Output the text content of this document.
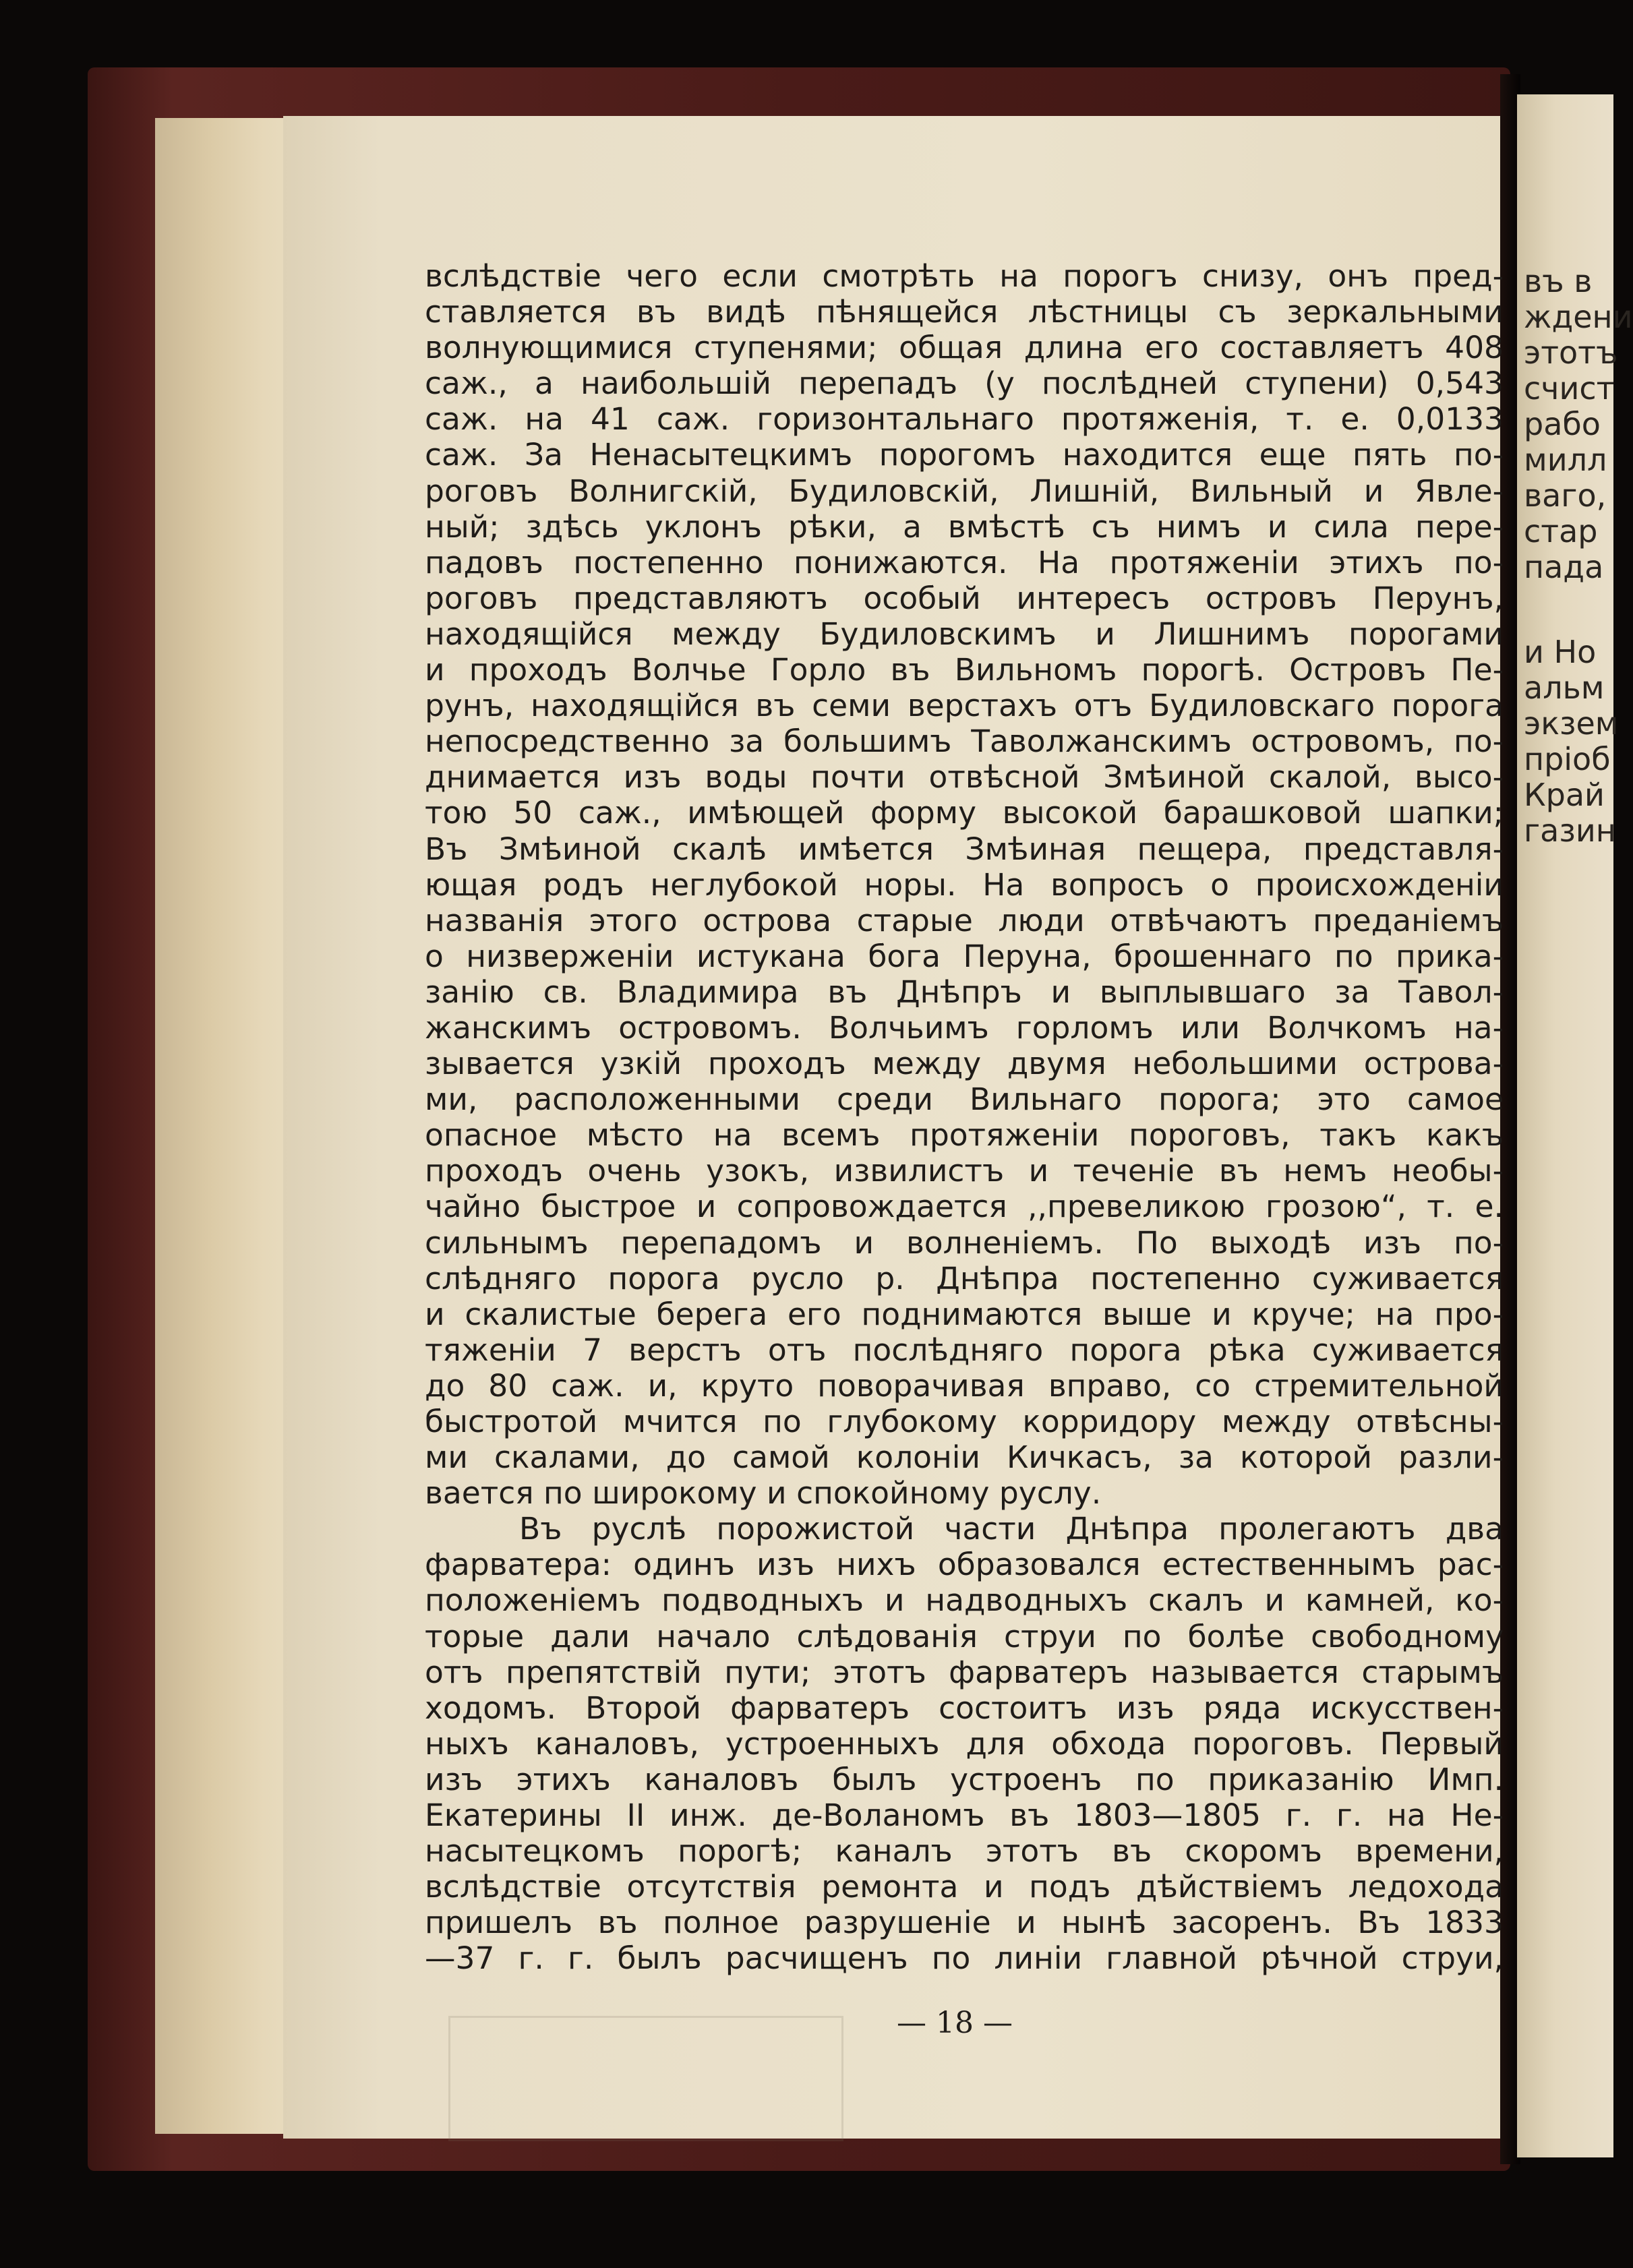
въ в
ждени
этотъ
счист
рабо
милл
ваго,
стар
пада
и Но
альм
экзем
пріоб
Край
газин
вслѣдствіе чего если смотрѣть на порогъ снизу, онъ пред-
ставляется въ видѣ пѣнящейся лѣстницы съ зеркальными
волнующимися ступенями; общая длина его составляетъ 408
саж., а наибольшій перепадъ (у послѣдней ступени) 0,543
саж. на 41 саж. горизонтальнаго протяженія, т. е. 0,0133
саж. За Ненасытецкимъ порогомъ находится еще пять по-
роговъ Волнигскій, Будиловскій, Лишній, Вильный и Явле-
ный; здѣсь уклонъ рѣки, а вмѣстѣ съ нимъ и сила пере-
падовъ постепенно понижаются. На протяженіи этихъ по-
роговъ представляютъ особый интересъ островъ Перунъ,
находящійся между Будиловскимъ и Лишнимъ порогами
и проходъ Волчье Горло въ Вильномъ порогѣ. Островъ Пе-
рунъ, находящійся въ семи верстахъ отъ Будиловскаго порога
непосредственно за большимъ Таволжанскимъ островомъ, по-
днимается изъ воды почти отвѣсной Змѣиной скалой, высо-
тою 50 саж., имѣющей форму высокой барашковой шапки;
Въ Змѣиной скалѣ имѣется Змѣиная пещера, представля-
ющая родъ неглубокой норы. На вопросъ о происхожденіи
названія этого острова старые люди отвѣчаютъ преданіемъ
о низверженіи истукана бога Перуна, брошеннаго по прика-
занію св. Владимира въ Днѣпръ и выплывшаго за Тавол-
жанскимъ островомъ. Волчьимъ горломъ или Волчкомъ на-
зывается узкій проходъ между двумя небольшими острова-
ми, расположенными среди Вильнаго порога; это самое
опасное мѣсто на всемъ протяженіи пороговъ, такъ какъ
проходъ очень узокъ, извилистъ и теченіе въ немъ необы-
чайно быстрое и сопровождается ,,превеликою грозою“, т. е.
сильнымъ перепадомъ и волненіемъ. По выходѣ изъ по-
слѣдняго порога русло р. Днѣпра постепенно суживается
и скалистые берега его поднимаются выше и круче; на про-
тяженіи 7 верстъ отъ послѣдняго порога рѣка суживается
до 80 саж. и, круто поворачивая вправо, со стремительной
быстротой мчится по глубокому корридору между отвѣсны-
ми скалами, до самой колоніи Кичкасъ, за которой разли-
вается по широкому и спокойному руслу.
Въ руслѣ порожистой части Днѣпра пролегаютъ два
фарватера: одинъ изъ нихъ образовался естественнымъ рас-
положеніемъ подводныхъ и надводныхъ скалъ и камней, ко-
торые дали начало слѣдованія струи по болѣе свободному
отъ препятствій пути; этотъ фарватеръ называется старымъ
ходомъ. Второй фарватеръ состоитъ изъ ряда искусствен-
ныхъ каналовъ, устроенныхъ для обхода пороговъ. Первый
изъ этихъ каналовъ былъ устроенъ по приказанію Имп.
Екатерины II инж. де-Воланомъ въ 1803—1805 г. г. на Не-
насытецкомъ порогѣ; каналъ этотъ въ скоромъ времени,
вслѣдствіе отсутствія ремонта и подъ дѣйствіемъ ледохода
пришелъ въ полное разрушеніе и нынѣ засоренъ. Въ 1833
—37 г. г. былъ расчищенъ по линіи главной рѣчной струи,
— 18 —
